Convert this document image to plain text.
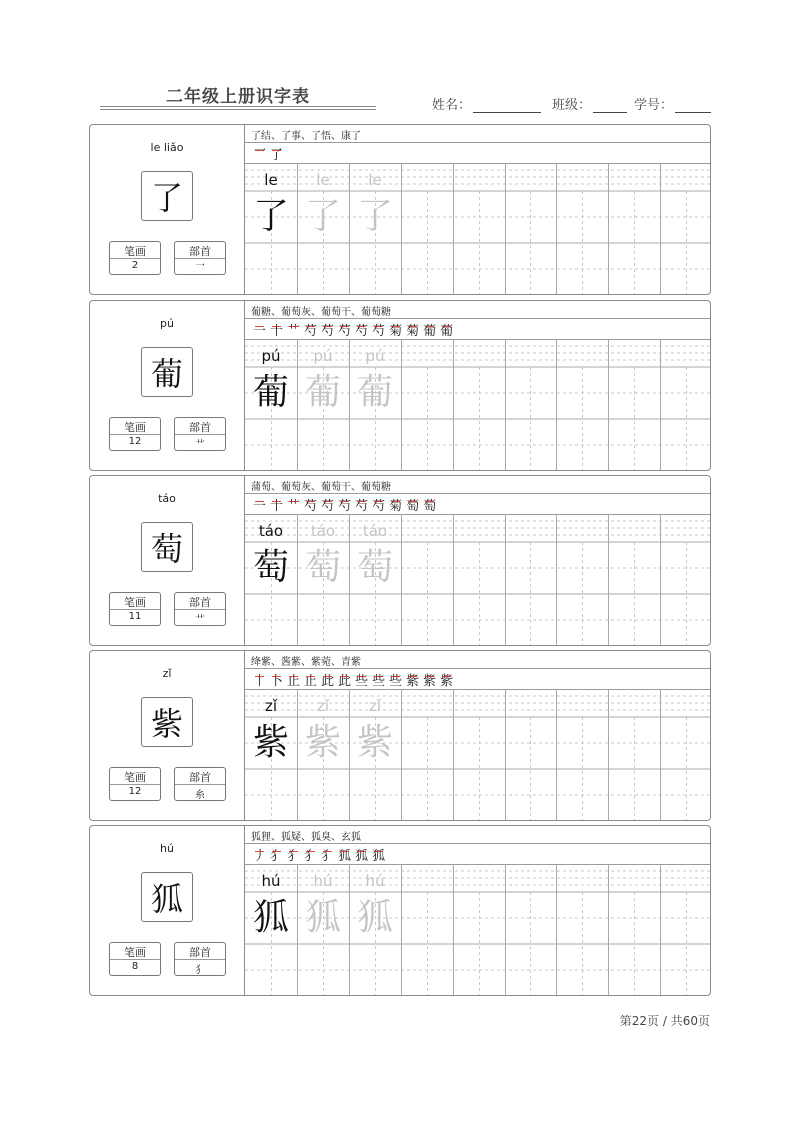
二年级上册识字表	姓名：	班级：	学号：
le liǎo
了
笔画
2
部首
乛
了结、了事、了悟、康了
乛 了
le
了
le
了
le
了
pú
葡
笔画
12
部首
艹
葡糖、葡萄灰、葡萄干、葡萄糖
一 十 艹 芍 芍 芍 芍 芍 菊 菊 葡 葡
pú
葡
pú
葡
pú
葡
táo
萄
笔画
11
部首
艹
蒲萄、葡萄灰、葡萄干、葡萄糖
一 十 艹 芍 芍 芍 芍 芍 菊 萄 萄
táo
萄
táo
萄
táo
萄
zǐ
紫
笔画
12
部首
糸
绛紫、酱紫、紫菀、青紫
丨 卜 止 止 此 此 些 些 些 紫 紫 紫
zǐ
紫
zǐ
紫
zǐ
紫
hú
狐
笔画
8
部首
犭
狐狸、狐疑、狐臭、玄狐
丿 犭 犭 犭 犭 狐 狐 狐
hú
狐
hú
狐
hú
狐
第22页 / 共60页
